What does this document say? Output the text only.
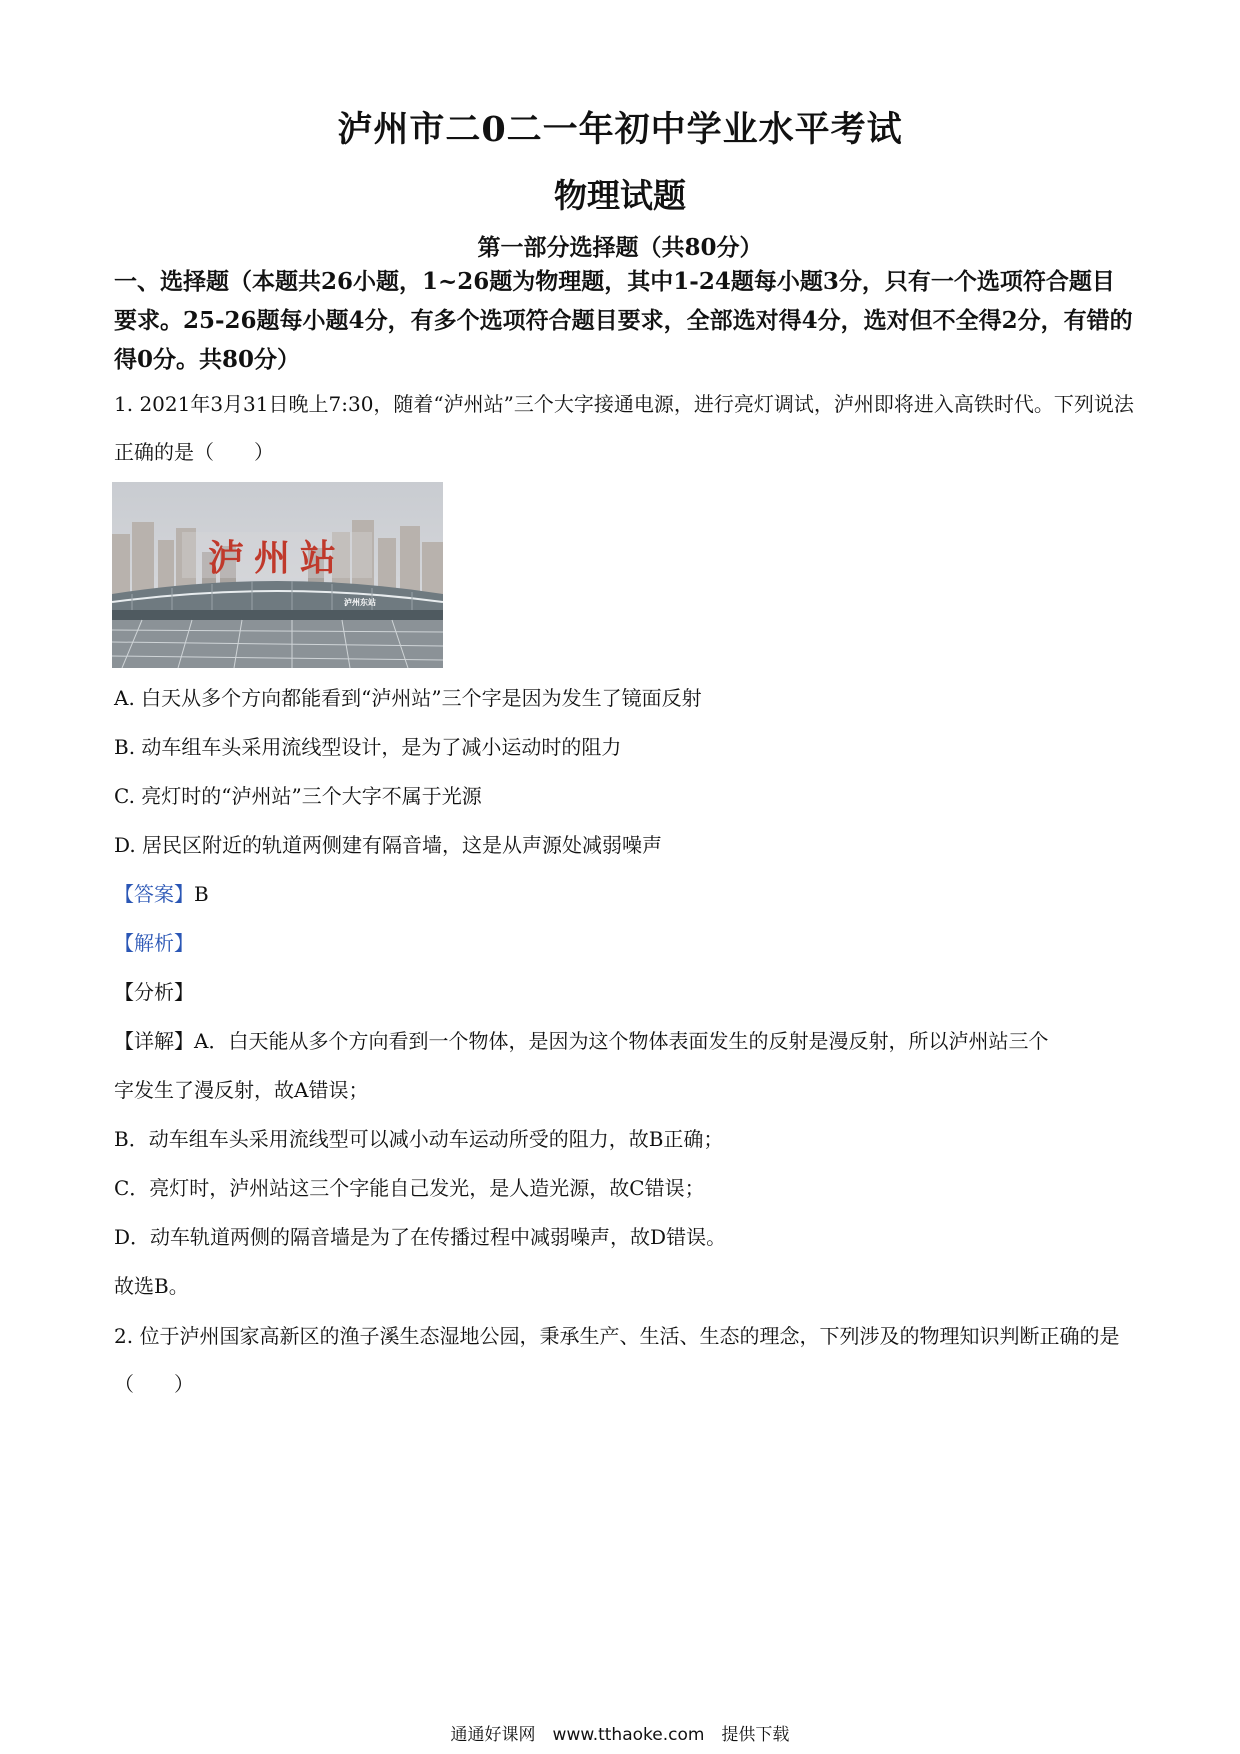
泸州市二0二一年初中学业水平考试
物理试题
第一部分选择题（共80分）
一、选择题（本题共26小题，1~26题为物理题，其中1-24题每小题3分，只有一个选项符合题目要求。25-26题每小题4分，有多个选项符合题目要求，全部选对得4分，选对但不全得2分，有错的得0分。共80分）
1. 2021年3月31日晚上7:30，随着“泸州站”三个大字接通电源，进行亮灯调试，泸州即将进入高铁时代。下列说法正确的是（　　）
泸州东站
泸州站
A. 白天从多个方向都能看到“泸州站”三个字是因为发生了镜面反射
B. 动车组车头采用流线型设计，是为了减小运动时的阻力
C. 亮灯时的“泸州站”三个大字不属于光源
D. 居民区附近的轨道两侧建有隔音墙，这是从声源处减弱噪声
【答案】B
【解析】
【分析】
【详解】A．白天能从多个方向看到一个物体，是因为这个物体表面发生的反射是漫反射，所以泸州站三个
字发生了漫反射，故A错误；
B．动车组车头采用流线型可以减小动车运动所受的阻力，故B正确；
C．亮灯时，泸州站这三个字能自己发光，是人造光源，故C错误；
D．动车轨道两侧的隔音墙是为了在传播过程中减弱噪声，故D错误。
故选B。
2. 位于泸州国家高新区的渔子溪生态湿地公园，秉承生产、生活、生态的理念，下列涉及的物理知识判断正确的是（　　）
通通好课网　www.tthaoke.com　提供下载
